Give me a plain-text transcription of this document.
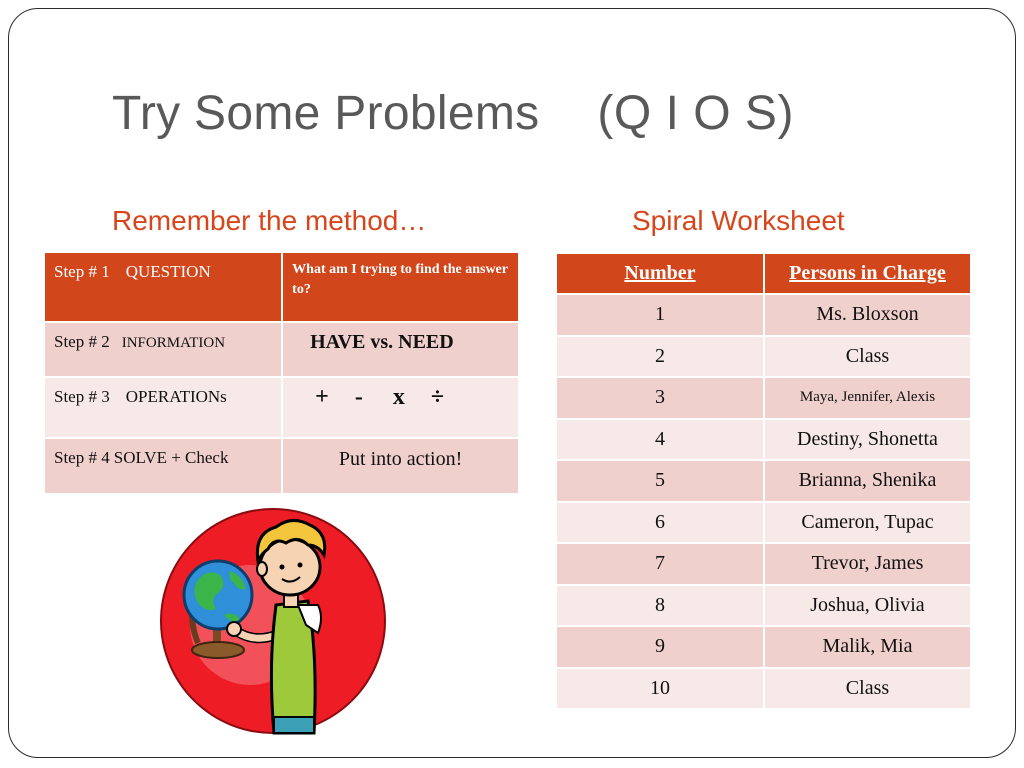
Try Some Problems (Q I O S)
Remember the method…	Spiral Worksheet
Step # 1 QUESTION	What am I trying to find the answer to?
Step # 2 INFORMATION	HAVE vs. NEED
Step # 3 OPERATIONs	+ - x ÷
Step # 4 SOLVE + Check	Put into action!
Number	Persons in Charge
1	Ms. Bloxson
2	Class
3	Maya, Jennifer, Alexis
4	Destiny, Shonetta
5	Brianna, Shenika
6	Cameron, Tupac
7	Trevor, James
8	Joshua, Olivia
9	Malik, Mia
10	Class
